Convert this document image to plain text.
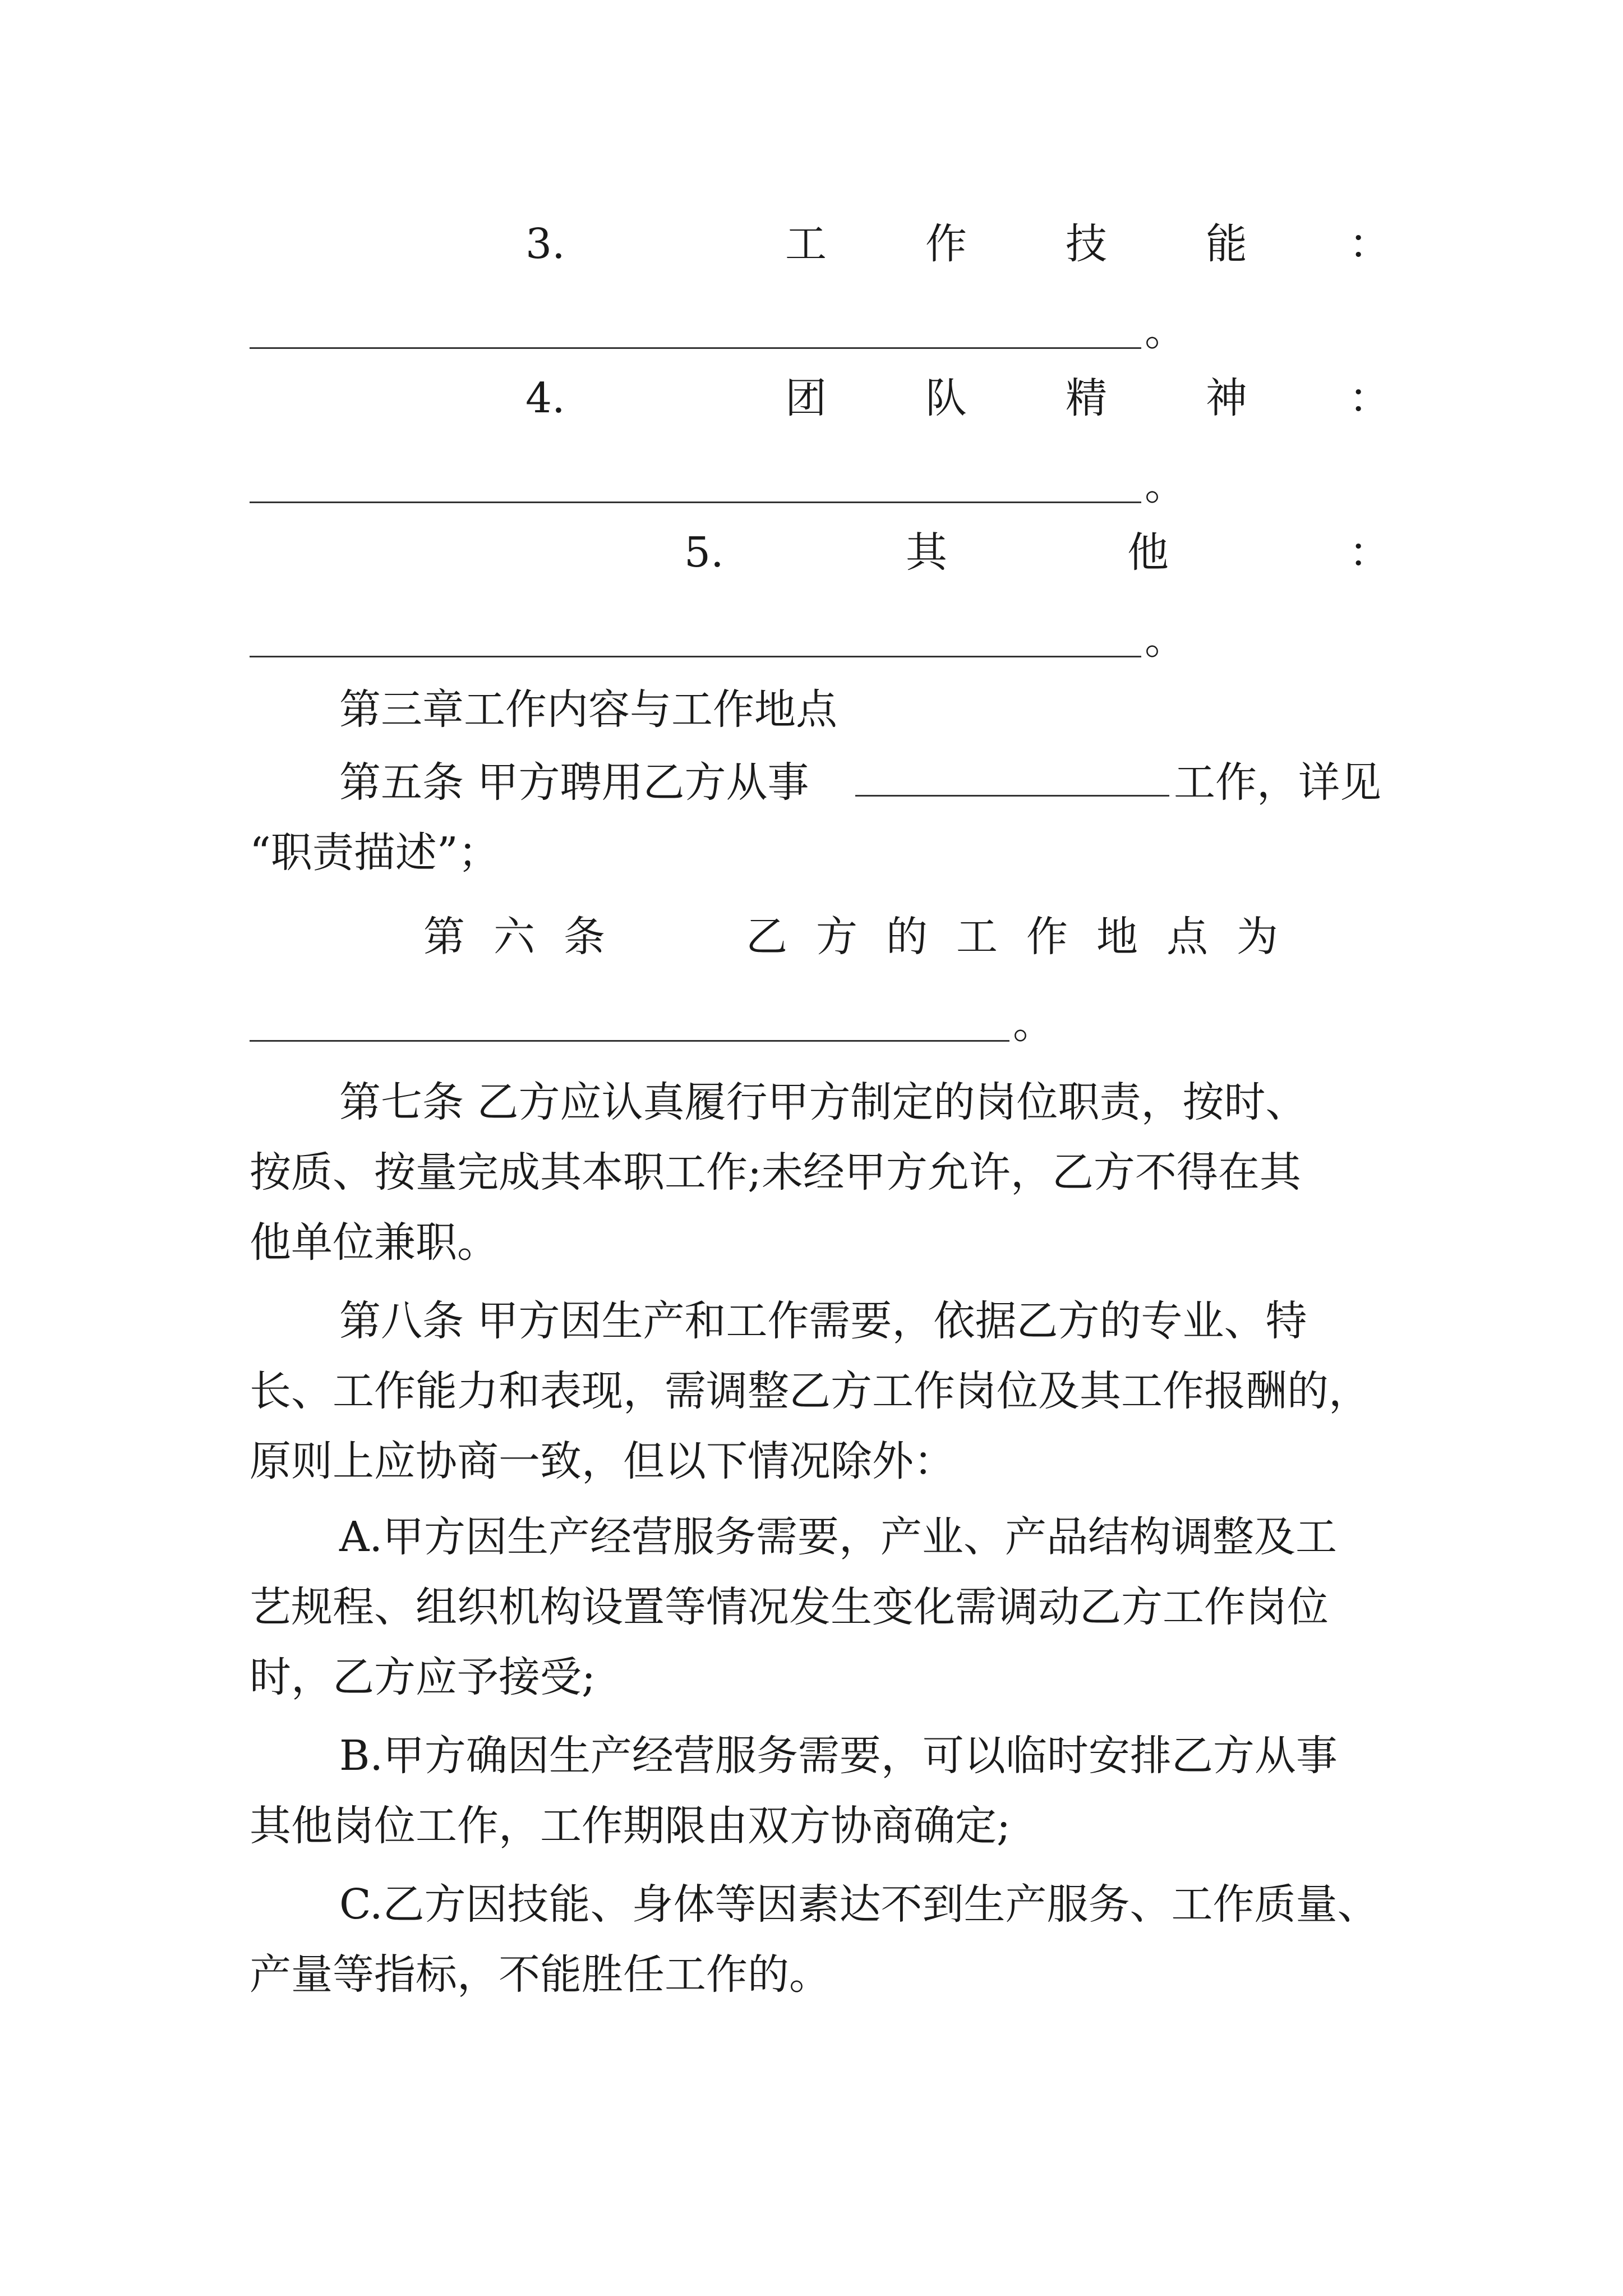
3.	工 作 技 能 ：
。
4.	团 队 精 神 ：
。
5.	其	他	：
。
第三章工作内容与工作地点
第五条 甲方聘用乙方从事	工作，详见
“职责描述”；
第 六 条	乙 方 的 工 作 地 点 为
。
第七条 乙方应认真履行甲方制定的岗位职责，按时、
按质、按量完成其本职工作;未经甲方允许，乙方不得在其
他单位兼职。
第八条 甲方因生产和工作需要，依据乙方的专业、特
长、工作能力和表现，需调整乙方工作岗位及其工作报酬的，
原则上应协商一致，但以下情况除外：
A.甲方因生产经营服务需要，产业、产品结构调整及工
艺规程、组织机构设置等情况发生变化需调动乙方工作岗位
时，乙方应予接受;
B.甲方确因生产经营服务需要，可以临时安排乙方从事
其他岗位工作，工作期限由双方协商确定;
C.乙方因技能、身体等因素达不到生产服务、工作质量、
产量等指标，不能胜任工作的。
